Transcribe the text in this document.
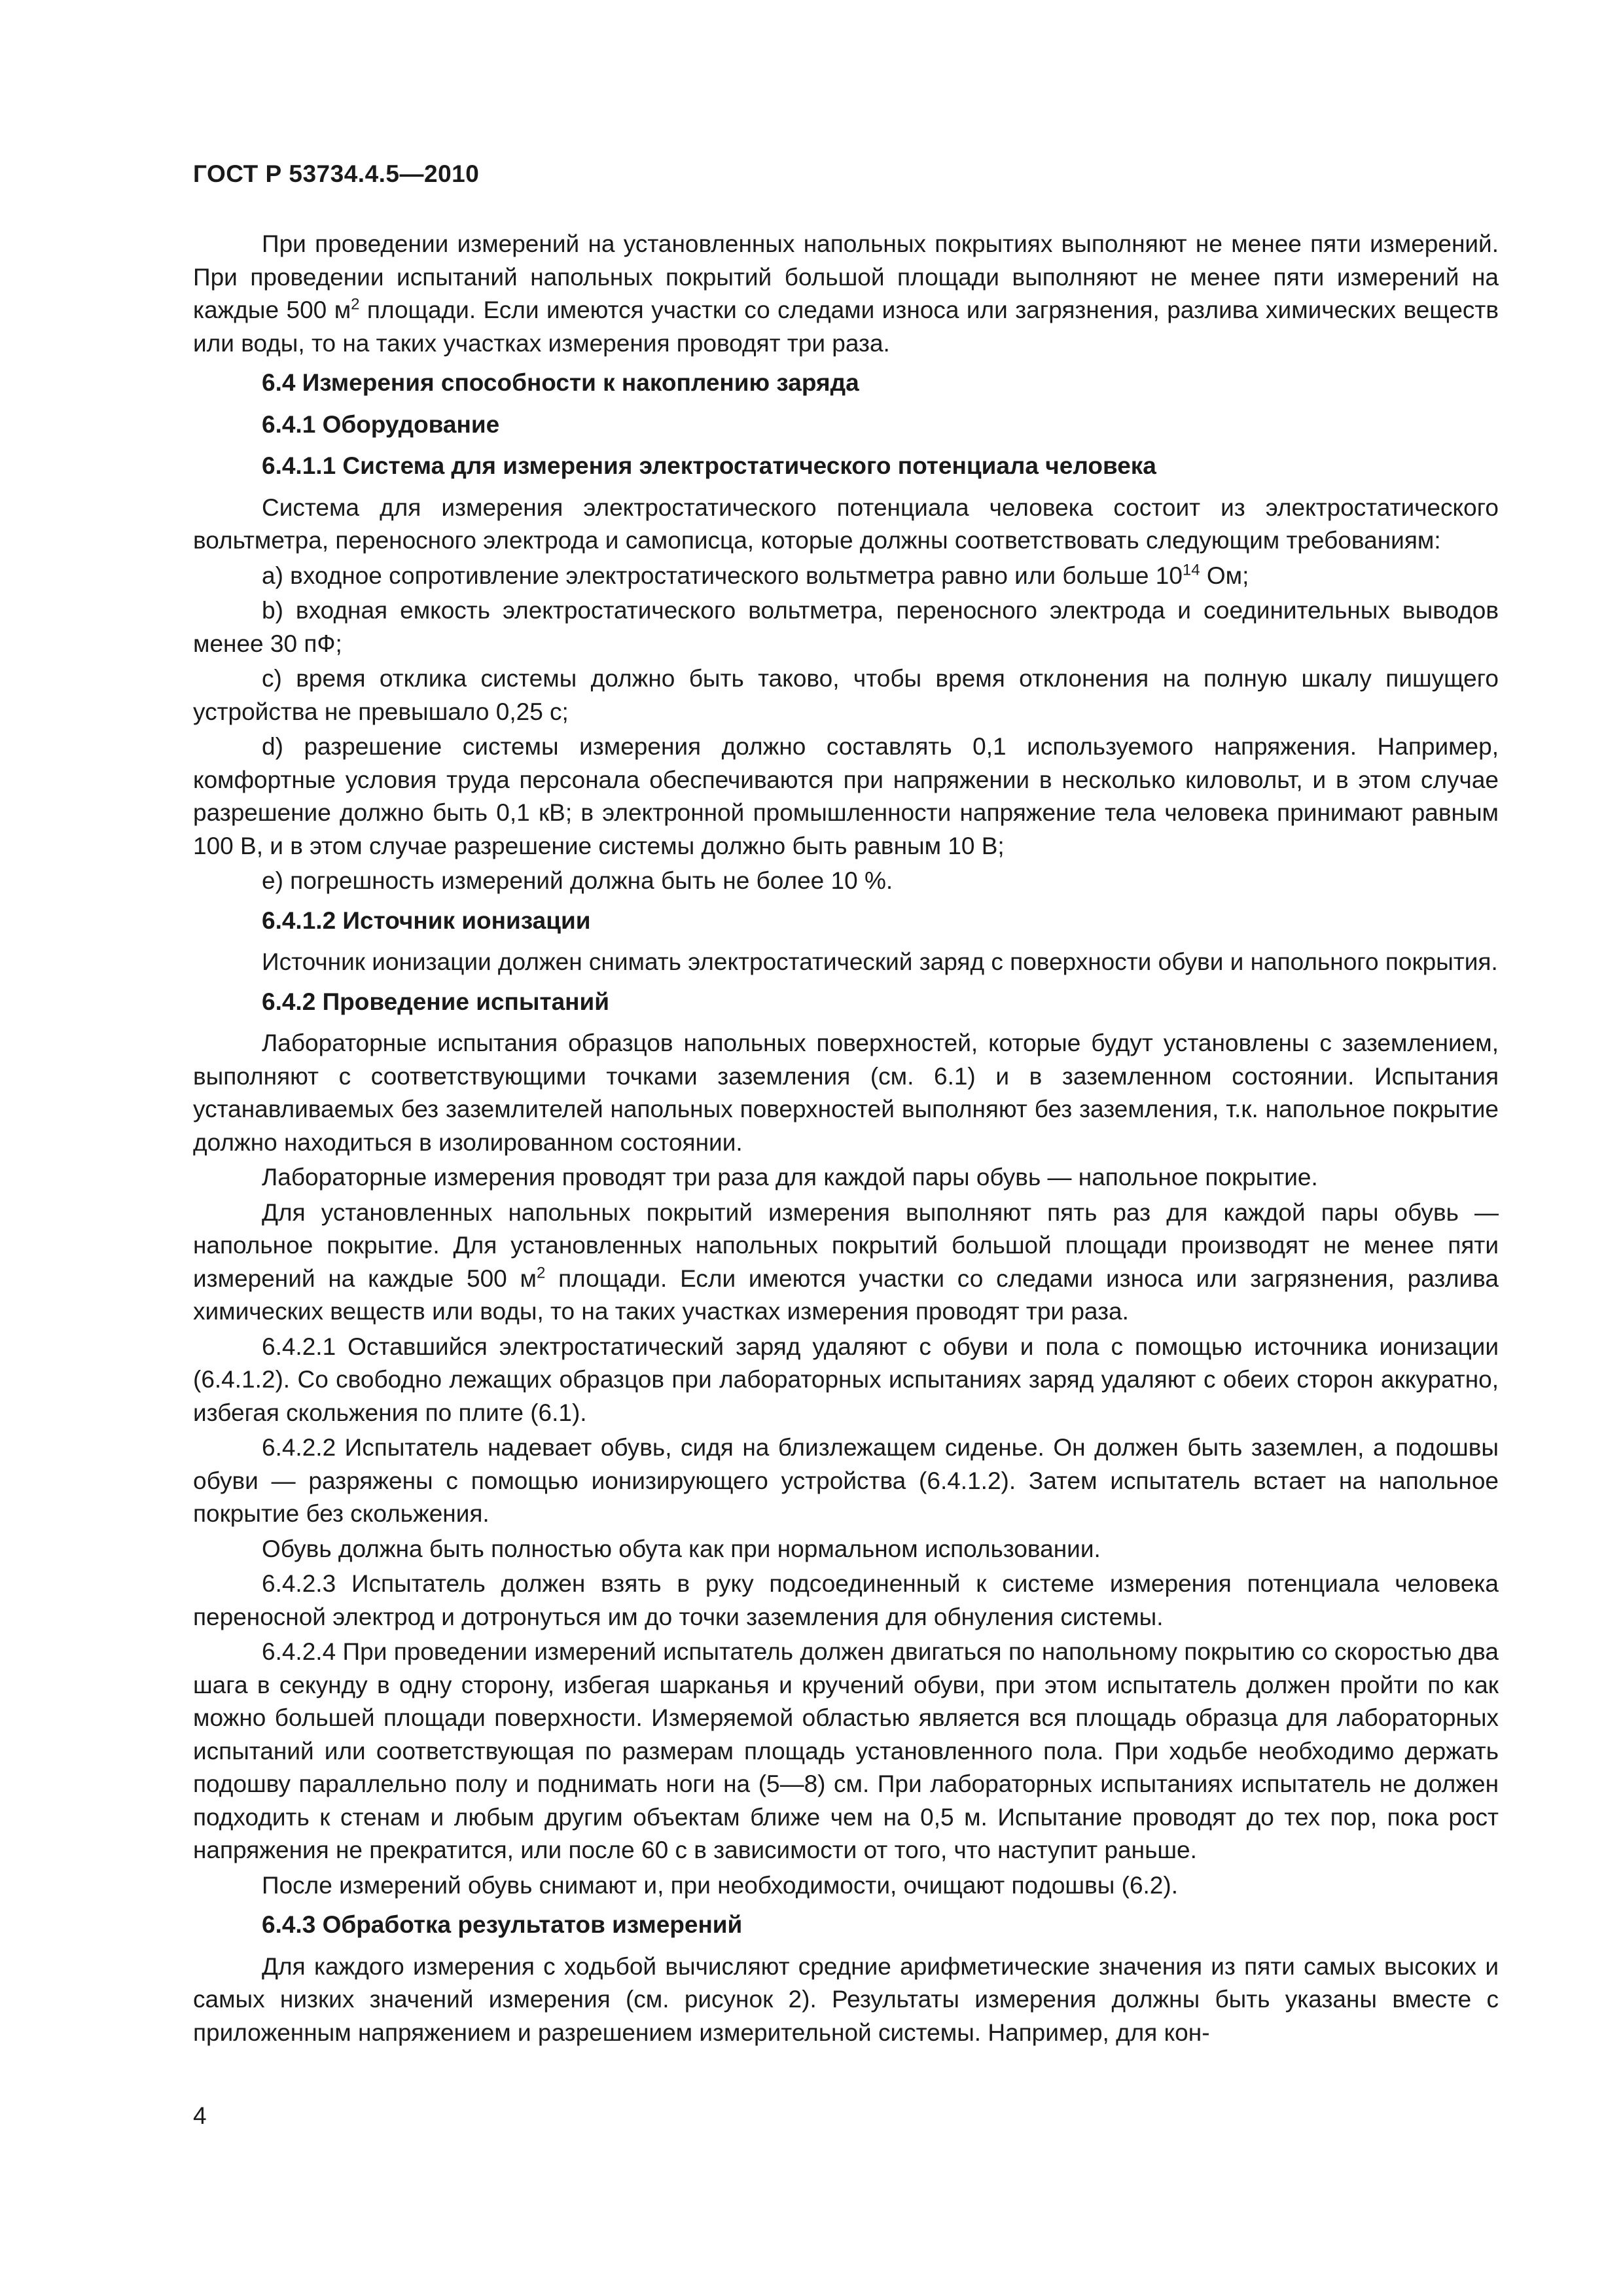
ГОСТ Р 53734.4.5—2010

При проведении измерений на установленных напольных покрытиях выполняют не менее пяти измерений. При проведении испытаний напольных покрытий большой площади выполняют не менее пяти измерений на каждые 500 $м^2$ площади. Если имеются участки со следами износа или загрязнения, разлива химических веществ или воды, то на таких участках измерения проводят три раза.

6.4 Измерения способности к накоплению заряда

6.4.1 Оборудование

6.4.1.1 Система для измерения электростатического потенциала человека

Система для измерения электростатического потенциала человека состоит из электростатического вольтметра, переносного электрода и самописца, которые должны соответствовать следующим требованиям:

a) входное сопротивление электростатического вольтметра равно или больше $10^{14}$ Ом;

b) входная емкость электростатического вольтметра, переносного электрода и соединительных выводов менее 30 пФ;

c) время отклика системы должно быть таково, чтобы время отклонения на полную шкалу пишущего устройства не превышало 0,25 с;

d) разрешение системы измерения должно составлять 0,1 используемого напряжения. Например, комфортные условия труда персонала обеспечиваются при напряжении в несколько киловольт, и в этом случае разрешение должно быть 0,1 кВ; в электронной промышленности напряжение тела человека принимают равным 100 В, и в этом случае разрешение системы должно быть равным 10 В;

e) погрешность измерений должна быть не более 10 %.

6.4.1.2 Источник ионизации

Источник ионизации должен снимать электростатический заряд с поверхности обуви и напольного покрытия.

6.4.2 Проведение испытаний

Лабораторные испытания образцов напольных поверхностей, которые будут установлены с заземлением, выполняют с соответствующими точками заземления (см. 6.1) и в заземленном состоянии. Испытания устанавливаемых без заземлителей напольных поверхностей выполняют без заземления, т.к. напольное покрытие должно находиться в изолированном состоянии.

Лабораторные измерения проводят три раза для каждой пары обувь — напольное покрытие.

Для установленных напольных покрытий измерения выполняют пять раз для каждой пары обувь — напольное покрытие. Для установленных напольных покрытий большой площади производят не менее пяти измерений на каждые 500 $м^2$ площади. Если имеются участки со следами износа или загрязнения, разлива химических веществ или воды, то на таких участках измерения проводят три раза.

6.4.2.1 Оставшийся электростатический заряд удаляют с обуви и пола с помощью источника ионизации (6.4.1.2). Со свободно лежащих образцов при лабораторных испытаниях заряд удаляют с обеих сторон аккуратно, избегая скольжения по плите (6.1).

6.4.2.2 Испытатель надевает обувь, сидя на близлежащем сиденье. Он должен быть заземлен, а подошвы обуви — разряжены с помощью ионизирующего устройства (6.4.1.2). Затем испытатель встает на напольное покрытие без скольжения.

Обувь должна быть полностью обута как при нормальном использовании.

6.4.2.3 Испытатель должен взять в руку подсоединенный к системе измерения потенциала человека переносной электрод и дотронуться им до точки заземления для обнуления системы.

6.4.2.4 При проведении измерений испытатель должен двигаться по напольному покрытию со скоростью два шага в секунду в одну сторону, избегая шарканья и кручений обуви, при этом испытатель должен пройти по как можно большей площади поверхности. Измеряемой областью является вся площадь образца для лабораторных испытаний или соответствующая по размерам площадь установленного пола. При ходьбе необходимо держать подошву параллельно полу и поднимать ноги на (5—8) см. При лабораторных испытаниях испытатель не должен подходить к стенам и любым другим объектам ближе чем на 0,5 м. Испытание проводят до тех пор, пока рост напряжения не прекратится, или после 60 с в зависимости от того, что наступит раньше.

После измерений обувь снимают и, при необходимости, очищают подошвы (6.2).

6.4.3 Обработка результатов измерений

Для каждого измерения с ходьбой вычисляют средние арифметические значения из пяти самых высоких и самых низких значений измерения (см. рисунок 2). Результаты измерения должны быть указаны вместе с приложенным напряжением и разрешением измерительной системы. Например, для кон-

4
